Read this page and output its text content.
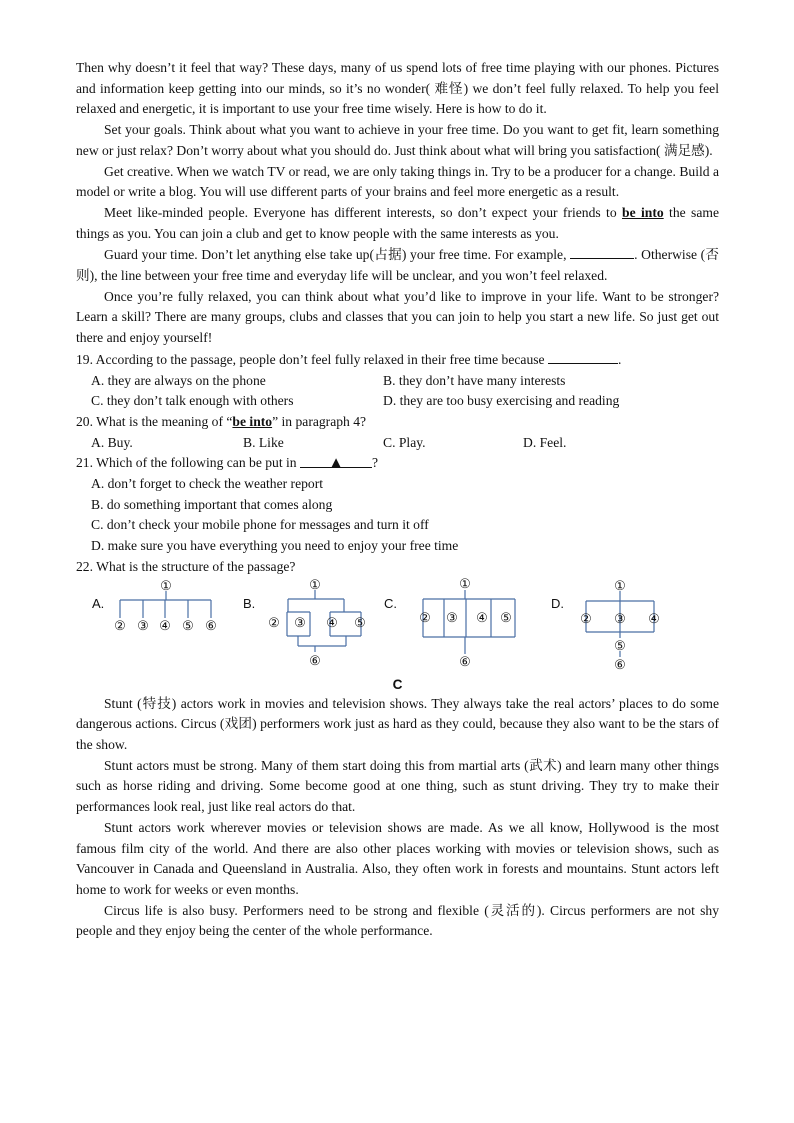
Then why doesn’t it feel that way? These days, many of us spend lots of free time playing with our phones. Pictures and information keep getting into our minds, so it’s no wonder( 难怪) we don’t feel fully relaxed. To help you feel relaxed and energetic, it is important to use your free time wisely. Here is how to do it.

Set your goals. Think about what you want to achieve in your free time. Do you want to get fit, learn something new or just relax? Don’t worry about what you should do. Just think about what will bring you satisfaction( 满足感).

Get creative. When we watch TV or read, we are only taking things in. Try to be a producer for a change. Build a model or write a blog. You will use different parts of your brains and feel more energetic as a result.

Meet like-minded people. Everyone has different interests, so don’t expect your friends to be into the same things as you. You can join a club and get to know people with the same interests as you.

Guard your time. Don’t let anything else take up(占据) your free time. For example,	. Otherwise (否则), the line between your free time and everyday life will be unclear, and you won’t feel relaxed.

Once you’re fully relaxed, you can think about what you’d like to improve in your life. Want to be stronger? Learn a skill? There are many groups, clubs and classes that you can join to help you start a new life. So just get out there and enjoy yourself!

19. According to the passage, people don’t feel fully relaxed in their free time because	.
A. they are always on the phone	B. they don’t have many interests
C. they don’t talk enough with others	D. they are too busy exercising and reading
20. What is the meaning of “be into” in paragraph 4?
A. Buy.	B. Like	C. Play.	D. Feel.
21. Which of the following can be put in ▲ ?
A. don’t forget to check the weather report
B. do something important that comes along
C. don’t check your mobile phone for messages and turn it off
D. make sure you have everything you need to enjoy your free time
22. What is the structure of the passage?
A.	B.	C.	D.
①
② ③ ④ ⑤ ⑥
①
② ③ ④ ⑤
⑥
①
② ③ ④ ⑤
⑥
①
② ③ ④
⑤
⑥
C

Stunt (特技) actors work in movies and television shows. They always take the real actors’ places to do some dangerous actions. Circus (戏团) performers work just as hard as they could, because they also want to be the stars of the show.

Stunt actors must be strong. Many of them start doing this from martial arts (武术) and learn many other things such as horse riding and driving. Some become good at one thing, such as stunt driving. They try to make their performances look real, just like real actors do that.

Stunt actors work wherever movies or television shows are made. As we all know, Hollywood is the most famous film city of the world. And there are also other places working with movies or television shows, such as Vancouver in Canada and Queensland in Australia. Also, they often work in forests and mountains. Stunt actors left home to work for weeks or even months.

Circus life is also busy. Performers need to be strong and flexible (灵活的). Circus performers are not shy people and they enjoy being the center of the whole performance.
